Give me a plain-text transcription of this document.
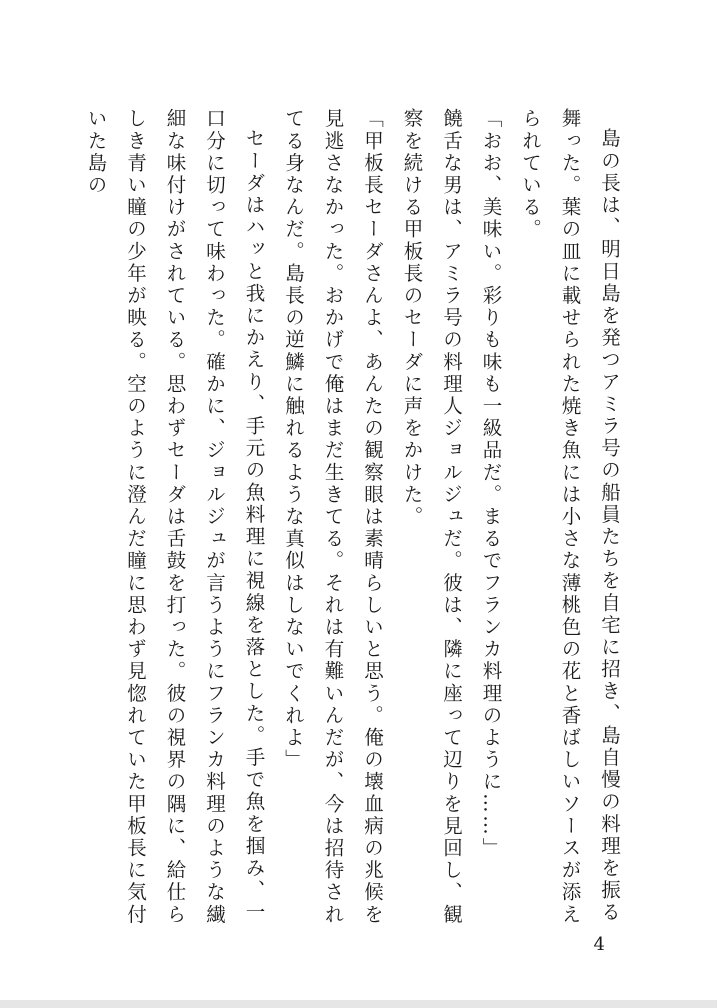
島の長は、明日島を発つアミラ号の船員たちを自宅に招き、島自慢の料理を振る舞った。葉の皿に載せられた焼き魚には小さな薄桃色の花と香ばしいソースが添えられている。

「おお、美味い。彩りも味も一級品だ。まるでフランカ料理のように……」

饒舌な男は、アミラ号の料理人ジョルジュだ。彼は、隣に座って辺りを見回し、観察を続ける甲板長のセーダに声をかけた。

「甲板長セーダさんよ、あんたの観察眼は素晴らしいと思う。俺の壊血病の兆候を見逃さなかった。おかげで俺はまだ生きてる。それは有難いんだが、今は招待されてる身なんだ。島長の逆鱗に触れるような真似はしないでくれよ」

セーダはハッと我にかえり、手元の魚料理に視線を落とした。手で魚を掴み、一口分に切って味わった。確かに、ジョルジュが言うようにフランカ料理のような繊細な味付けがされている。思わずセーダは舌鼓を打った。彼の視界の隅に、給仕らしき青い瞳の少年が映る。空のように澄んだ瞳に思わず見惚れていた甲板長に気付いた島の

4
